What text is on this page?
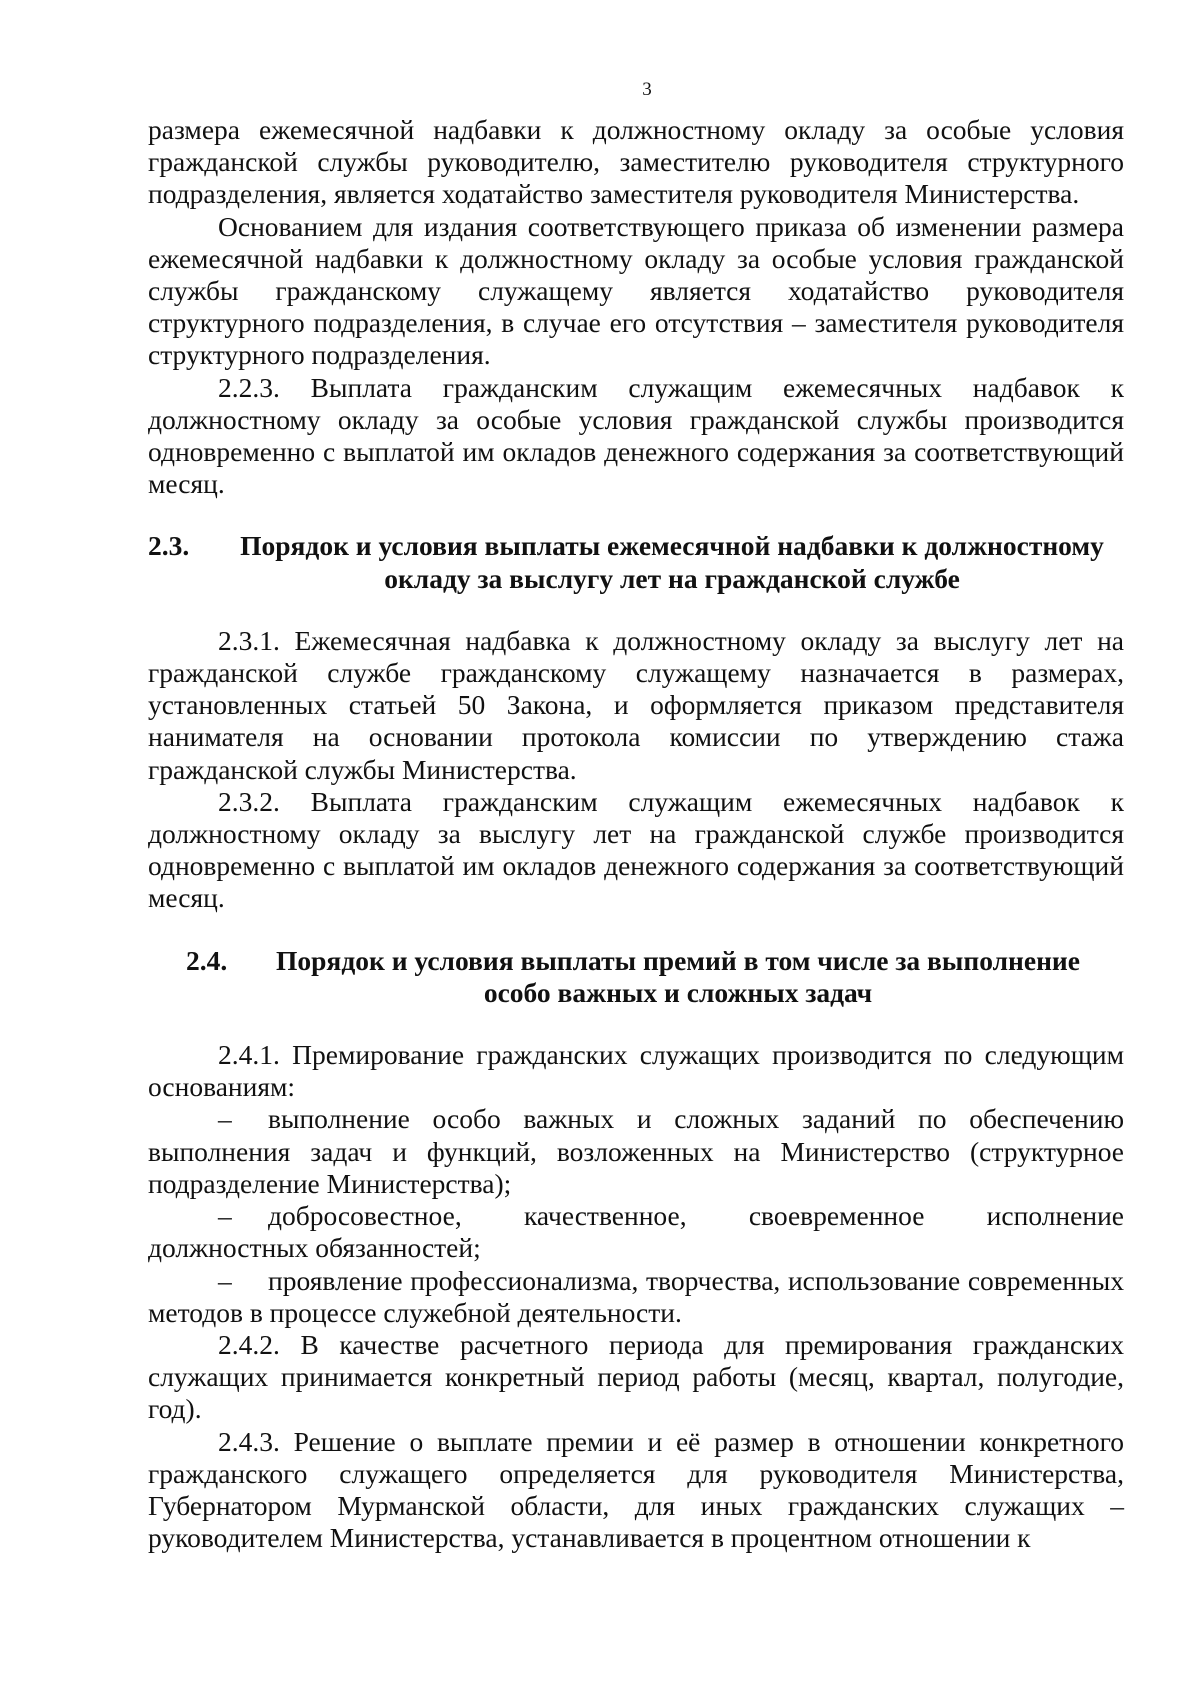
3

размера ежемесячной надбавки к должностному окладу за особые условия гражданской службы руководителю, заместителю руководителя структурного подразделения, является ходатайство заместителя руководителя Министерства.

Основанием для издания соответствующего приказа об изменении размера ежемесячной надбавки к должностному окладу за особые условия гражданской службы гражданскому служащему является ходатайство руководителя структурного подразделения, в случае его отсутствия – заместителя руководителя структурного подразделения.

2.2.3. Выплата гражданским служащим ежемесячных надбавок к должностному окладу за особые условия гражданской службы производится одновременно с выплатой им окладов денежного содержания за соответствующий месяц.

2.3.	Порядок и условия выплаты ежемесячной надбавки к должностному окладу за выслугу лет на гражданской службе

2.3.1. Ежемесячная надбавка к должностному окладу за выслугу лет на гражданской службе гражданскому служащему назначается в размерах, установленных статьей 50 Закона, и оформляется приказом представителя нанимателя на основании протокола комиссии по утверждению стажа гражданской службы Министерства.

2.3.2. Выплата гражданским служащим ежемесячных надбавок к должностному окладу за выслугу лет на гражданской службе производится одновременно с выплатой им окладов денежного содержания за соответствующий месяц.

2.4.	Порядок и условия выплаты премий в том числе за выполнение особо важных и сложных задач

2.4.1. Премирование гражданских служащих производится по следующим основаниям:

– выполнение особо важных и сложных заданий по обеспечению выполнения задач и функций, возложенных на Министерство (структурное подразделение Министерства);

– добросовестное, качественное, своевременное исполнение должностных обязанностей;

– проявление профессионализма, творчества, использование современных методов в процессе служебной деятельности.

2.4.2. В качестве расчетного периода для премирования гражданских служащих принимается конкретный период работы (месяц, квартал, полугодие, год).

2.4.3. Решение о выплате премии и её размер в отношении конкретного гражданского служащего определяется для руководителя Министерства, Губернатором Мурманской области, для иных гражданских служащих – руководителем Министерства, устанавливается в процентном отношении к
